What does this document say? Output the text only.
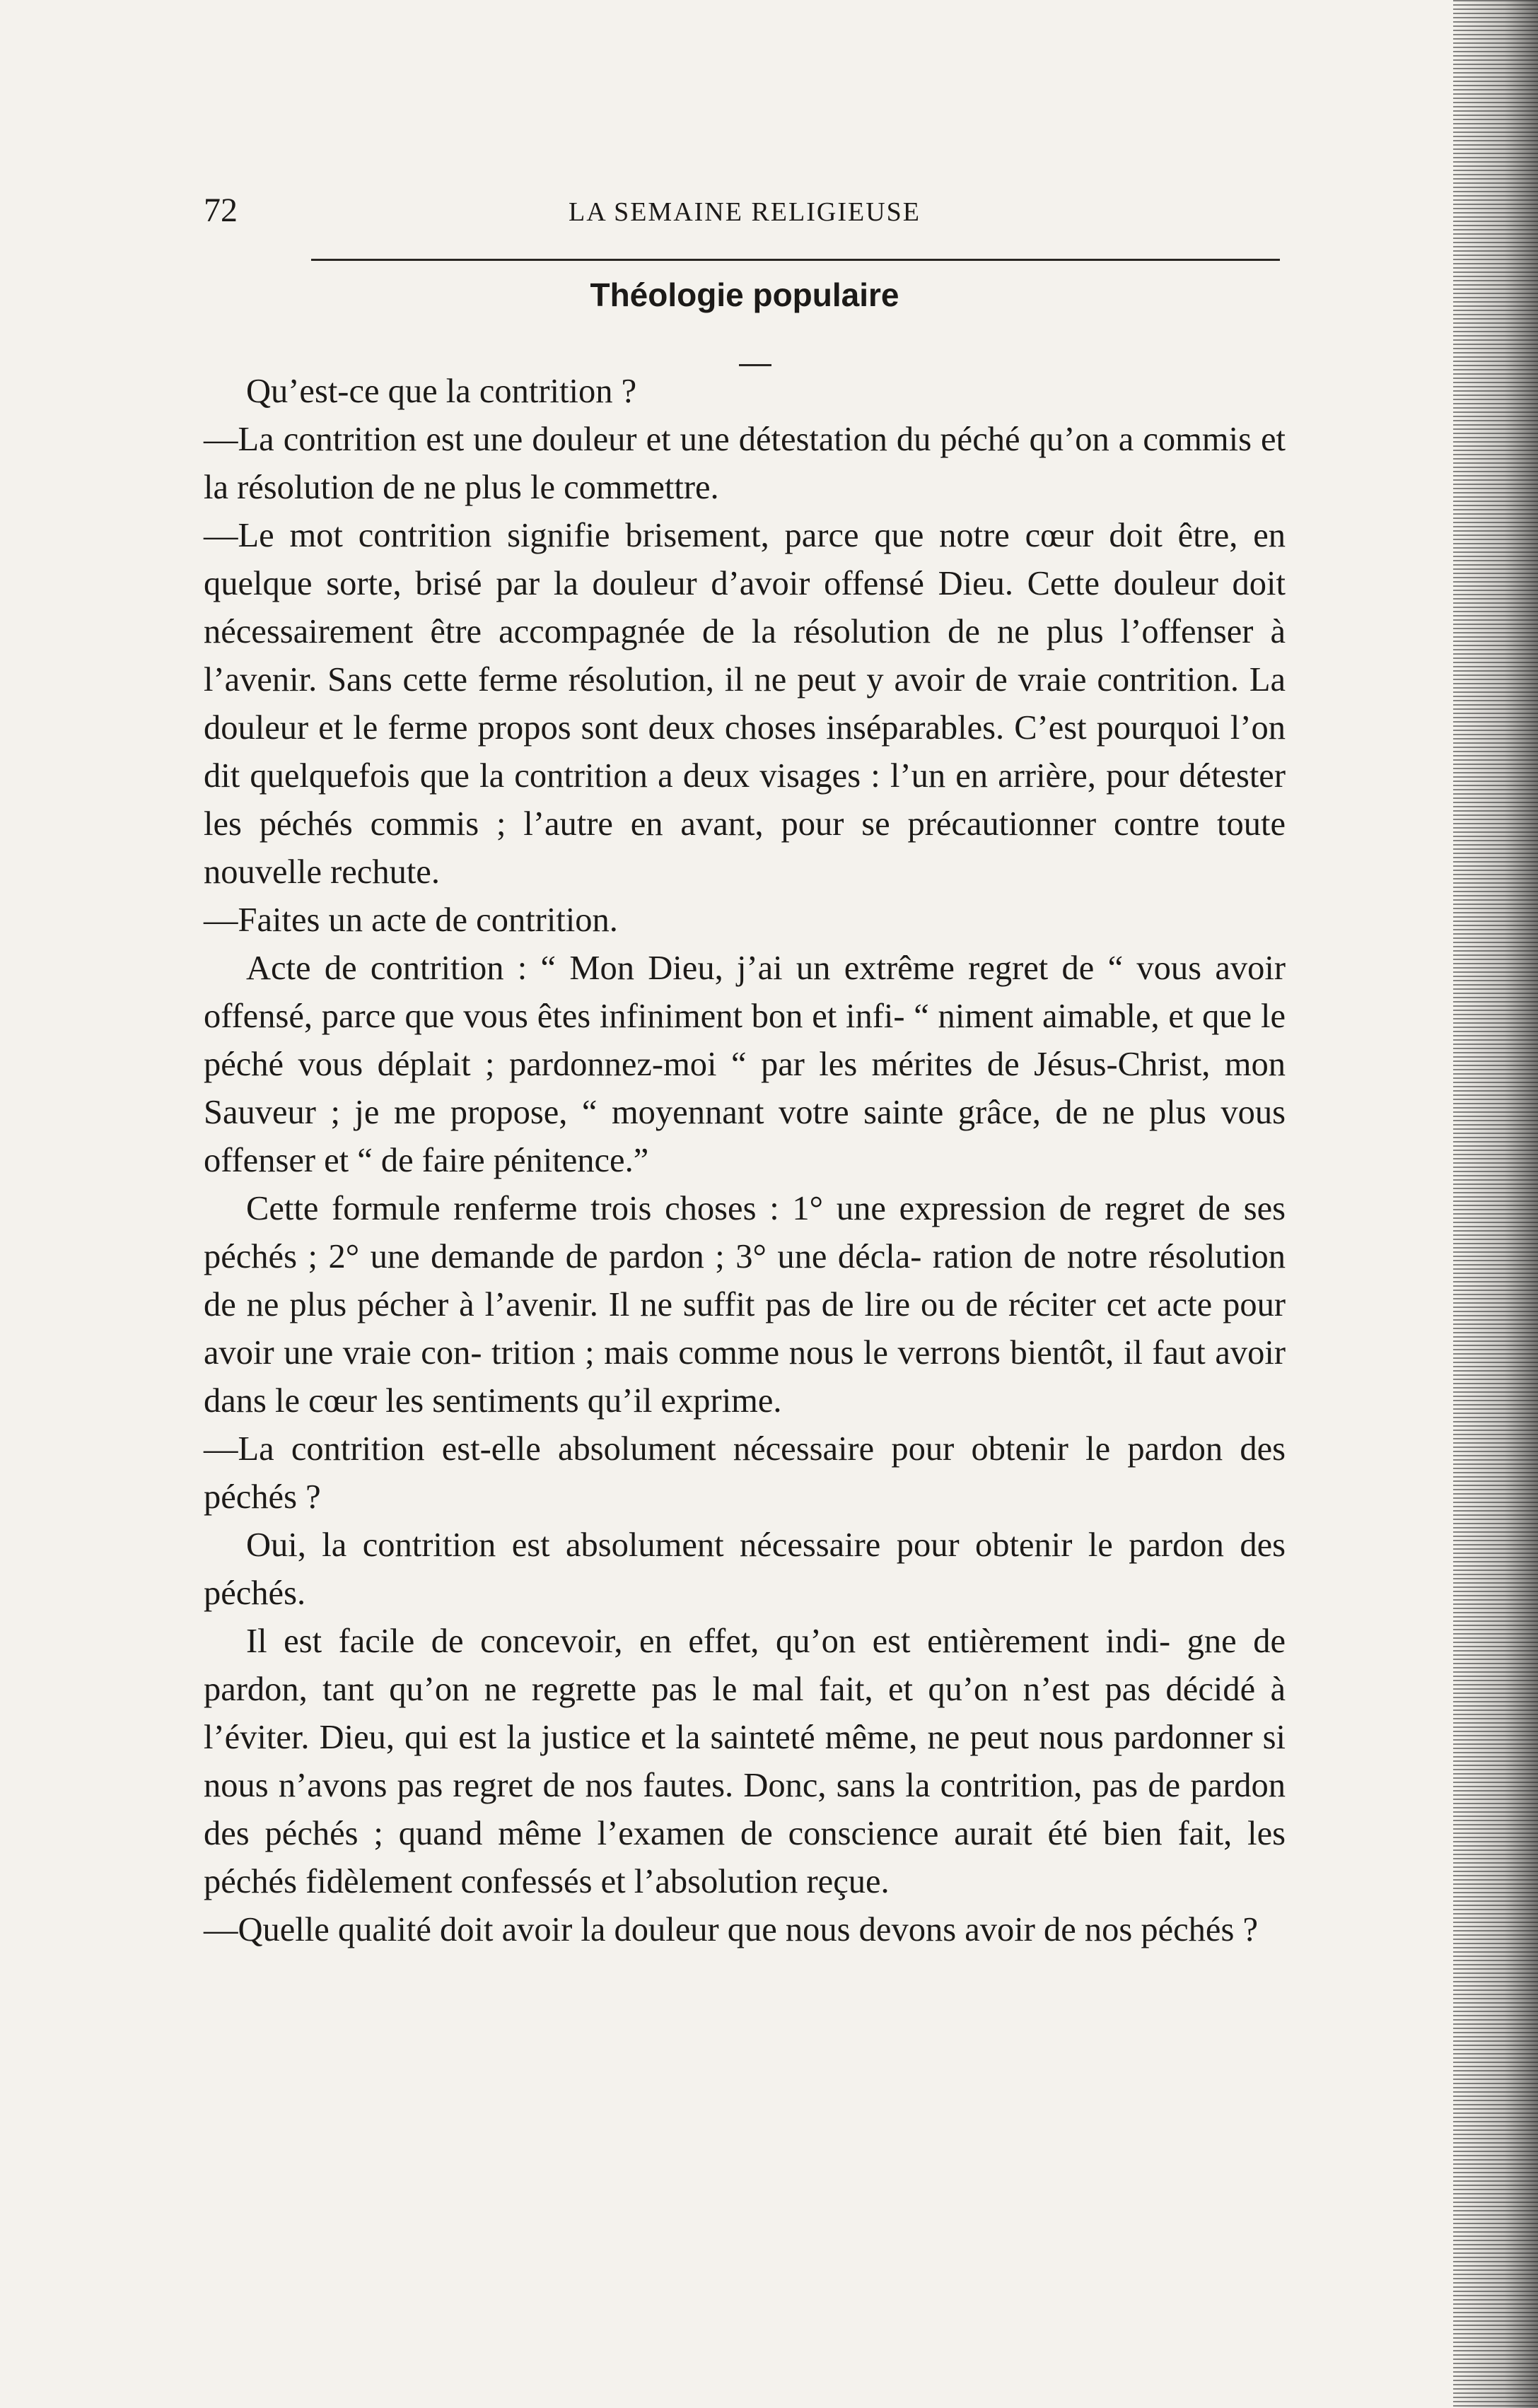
72	LA SEMAINE RELIGIEUSE
Théologie populaire

Qu’est-ce que la contrition ?

—La contrition est une douleur et une détestation du péché qu’on a commis et la résolution de ne plus le commettre.

—Le mot contrition signifie brisement, parce que notre cœur doit être, en quelque sorte, brisé par la douleur d’avoir offensé Dieu. Cette douleur doit nécessairement être accompagnée de la résolution de ne plus l’offenser à l’avenir. Sans cette ferme résolution, il ne peut y avoir de vraie contrition. La douleur et le ferme propos sont deux choses inséparables. C’est pourquoi l’on dit quelquefois que la contrition a deux visages : l’un en arrière, pour détester les péchés commis ; l’autre en avant, pour se précautionner contre toute nouvelle rechute.

—Faites un acte de contrition.

Acte de contrition : “ Mon Dieu, j’ai un extrême regret de “ vous avoir offensé, parce que vous êtes infiniment bon et infi- “ niment aimable, et que le péché vous déplait ; pardonnez-moi “ par les mérites de Jésus-Christ, mon Sauveur ; je me propose, “ moyennant votre sainte grâce, de ne plus vous offenser et “ de faire pénitence.”

Cette formule renferme trois choses : 1° une expression de regret de ses péchés ; 2° une demande de pardon ; 3° une décla- ration de notre résolution de ne plus pécher à l’avenir. Il ne suffit pas de lire ou de réciter cet acte pour avoir une vraie con- trition ; mais comme nous le verrons bientôt, il faut avoir dans le cœur les sentiments qu’il exprime.

—La contrition est-elle absolument nécessaire pour obtenir le pardon des péchés ?

Oui, la contrition est absolument nécessaire pour obtenir le pardon des péchés.

Il est facile de concevoir, en effet, qu’on est entièrement indi- gne de pardon, tant qu’on ne regrette pas le mal fait, et qu’on n’est pas décidé à l’éviter. Dieu, qui est la justice et la sainteté même, ne peut nous pardonner si nous n’avons pas regret de nos fautes. Donc, sans la contrition, pas de pardon des péchés ; quand même l’examen de conscience aurait été bien fait, les péchés fidèlement confessés et l’absolution reçue.

—Quelle qualité doit avoir la douleur que nous devons avoir de nos péchés ?
